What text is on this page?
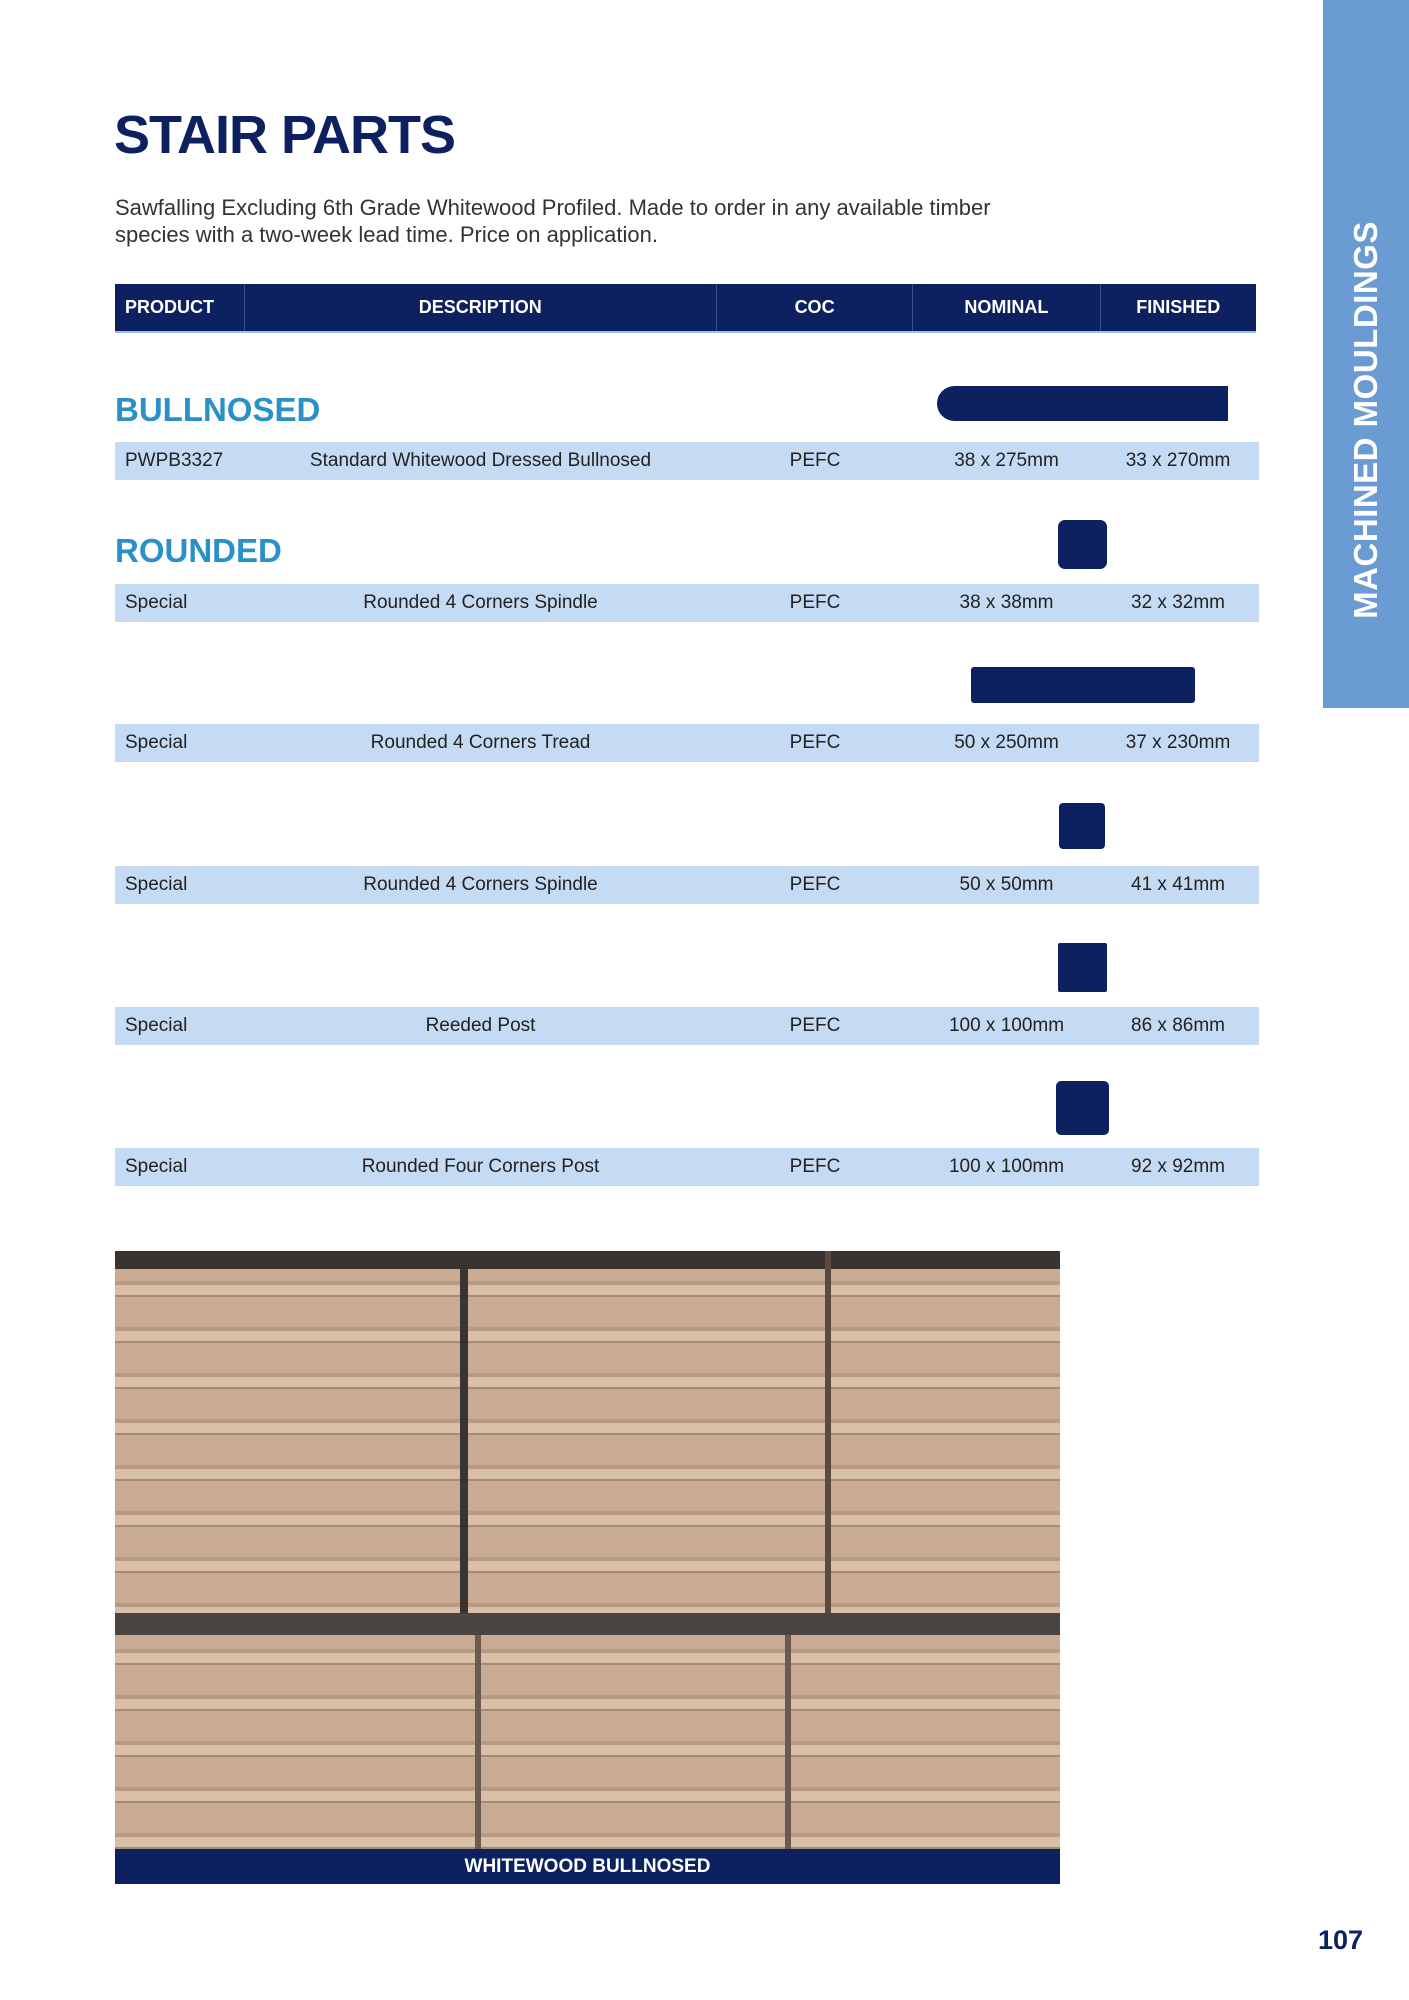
MACHINED MOULDINGS
STAIR PARTS
Sawfalling Excluding 6th Grade Whitewood Profiled. Made to order in any available timber species with a two-week lead time. Price on application.
PRODUCT	DESCRIPTION	COC	NOMINAL	FINISHED
BULLNOSED
ROUNDED
PWPB3327	Standard Whitewood Dressed Bullnosed	PEFC	38 x 275mm	33 x 270mm
Special	Rounded 4 Corners Spindle	PEFC	38 x 38mm	32 x 32mm
Special	Rounded 4 Corners Tread	PEFC	50 x 250mm	37 x 230mm
Special	Rounded 4 Corners Spindle	PEFC	50 x 50mm	41 x 41mm
Special	Reeded Post	PEFC	100 x 100mm	86 x 86mm
Special	Rounded Four Corners Post	PEFC	100 x 100mm	92 x 92mm
WHITEWOOD BULLNOSED
107
